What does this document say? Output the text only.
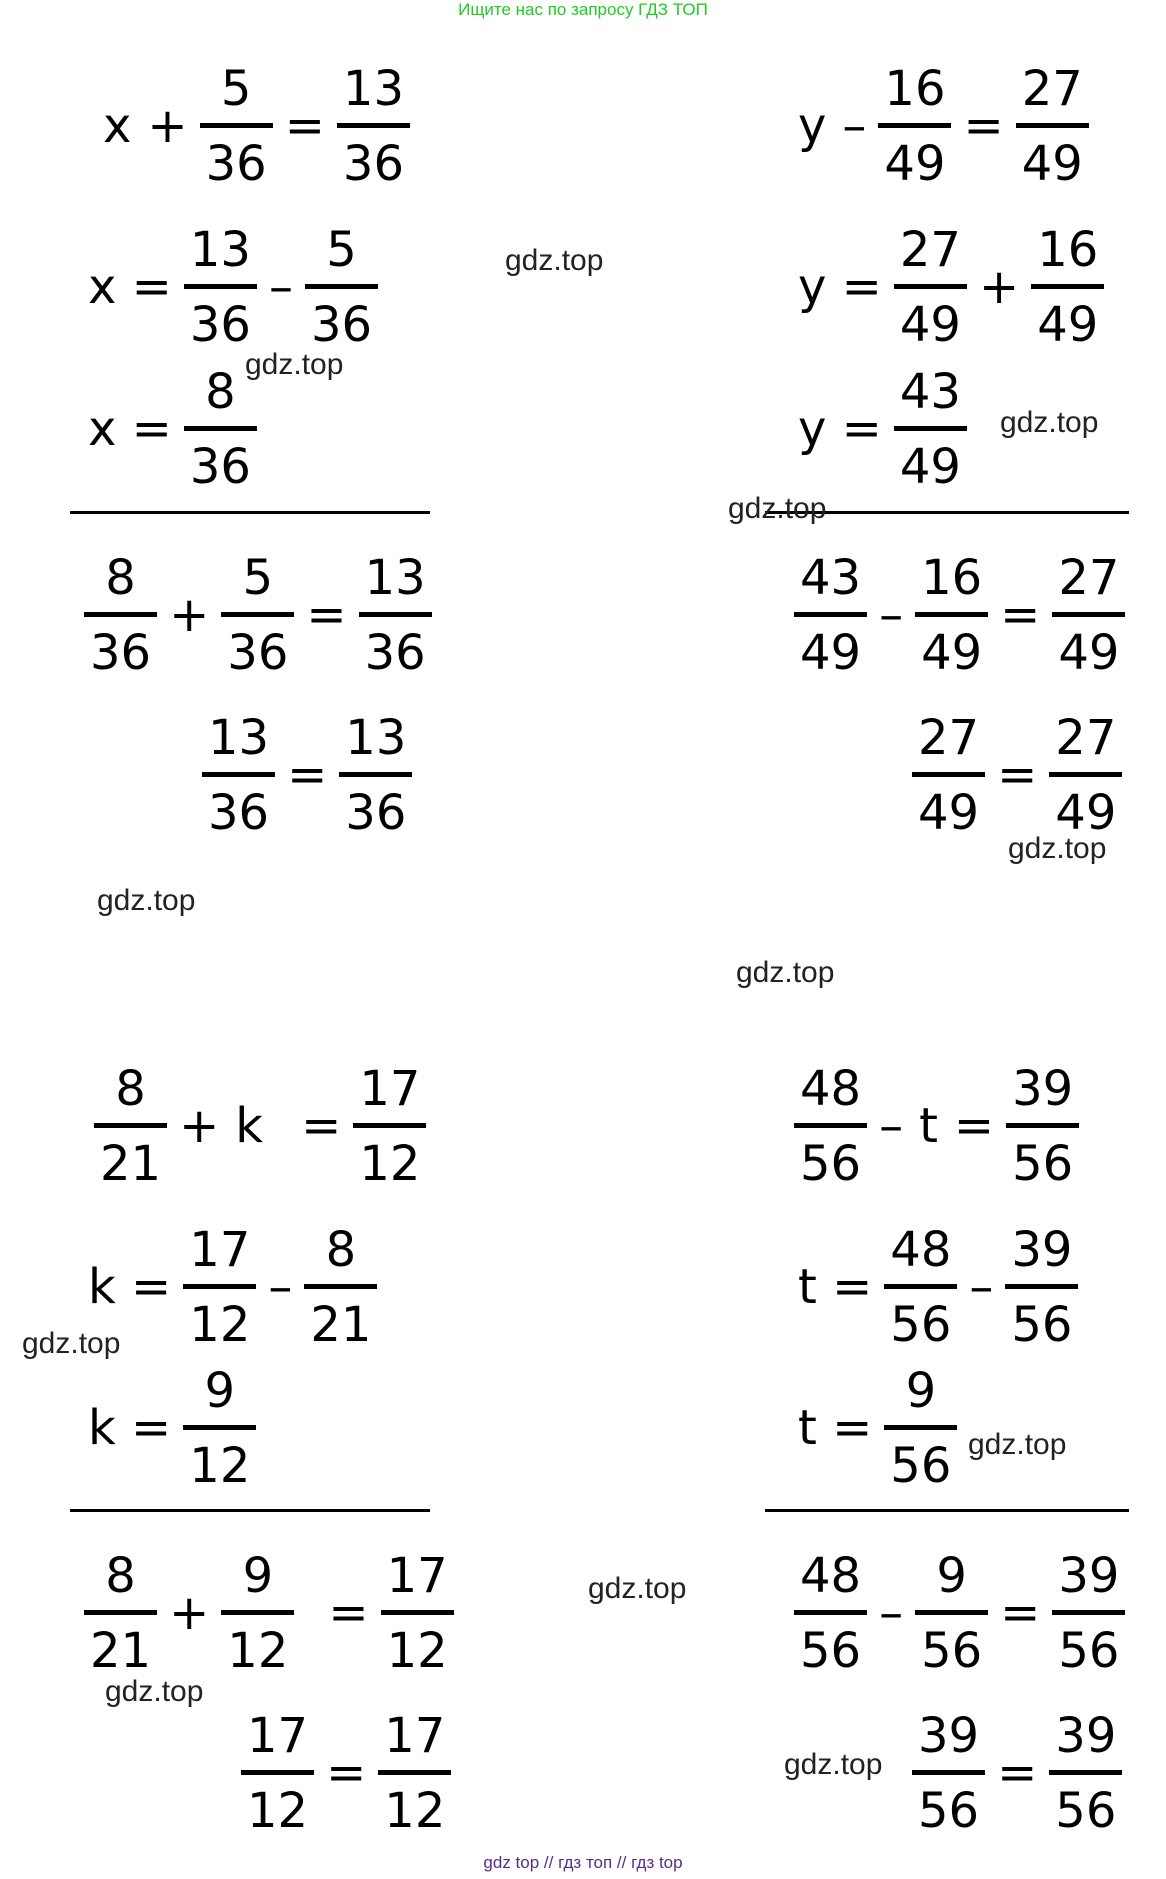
Ищите нас по запросу ГДЗ ТОП
x +
5
36
=
13
36
x =
13
36
–
5
36
x =
8
36
8
36
+
5
36
=
13
36
13
36
=
13
36
y –
16
49
=
27
49
y =
27
49
+
16
49
y =
43
49
43
49
–
16
49
=
27
49
27
49
=
27
49
8
21
+ k =
17
12
k =
17
12
–
8
21
k =
9
12
8
21
+
9
12
=
17
12
17
12
=
17
12
48
56
– t =
39
56
t =
48
56
–
39
56
t =
9
56
48
56
–
9
56
=
39
56
39
56
=
39
56
gdz.top
gdz.top
gdz.top
gdz.top
gdz.top
gdz.top
gdz.top
gdz.top
gdz.top
gdz.top
gdz.top
gdz.top
gdz top // гдз топ // гдз top
